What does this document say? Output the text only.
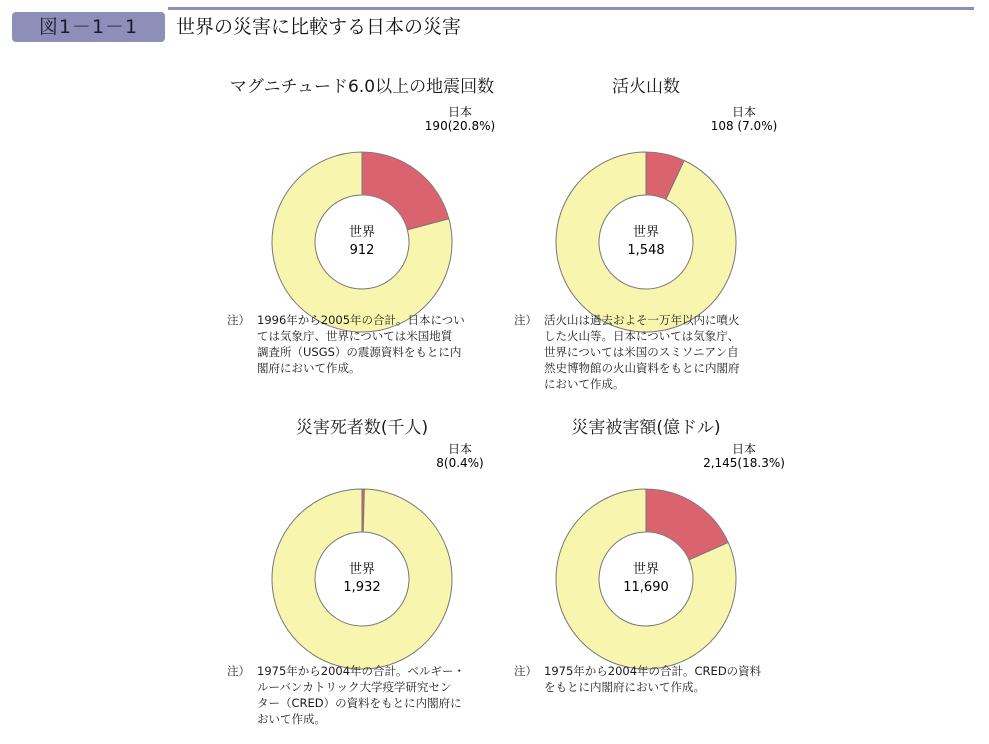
図1－1－1	世界の災害に比較する日本の災害
マグニチュード6.0以上の地震回数
日本
190(20.8%)
世界
912
注） 1996年から2005年の合計。日本につい
ては気象庁、世界については米国地質
調査所（USGS）の震源資料をもとに内
閣府において作成。
活火山数
日本
108 (7.0%)
世界
1,548
注） 活火山は過去およそ一万年以内に噴火
した火山等。日本については気象庁、
世界については米国のスミソニアン自
然史博物館の火山資料をもとに内閣府
において作成。
災害死者数(千人)
日本
8(0.4%)
世界
1,932
注） 1975年から2004年の合計。ベルギー・
ルーバンカトリック大学疫学研究セン
ター（CRED）の資料をもとに内閣府に
おいて作成。
災害被害額(億ドル)
日本
2,145(18.3%)
世界
11,690
注） 1975年から2004年の合計。CREDの資料
をもとに内閣府において作成。
